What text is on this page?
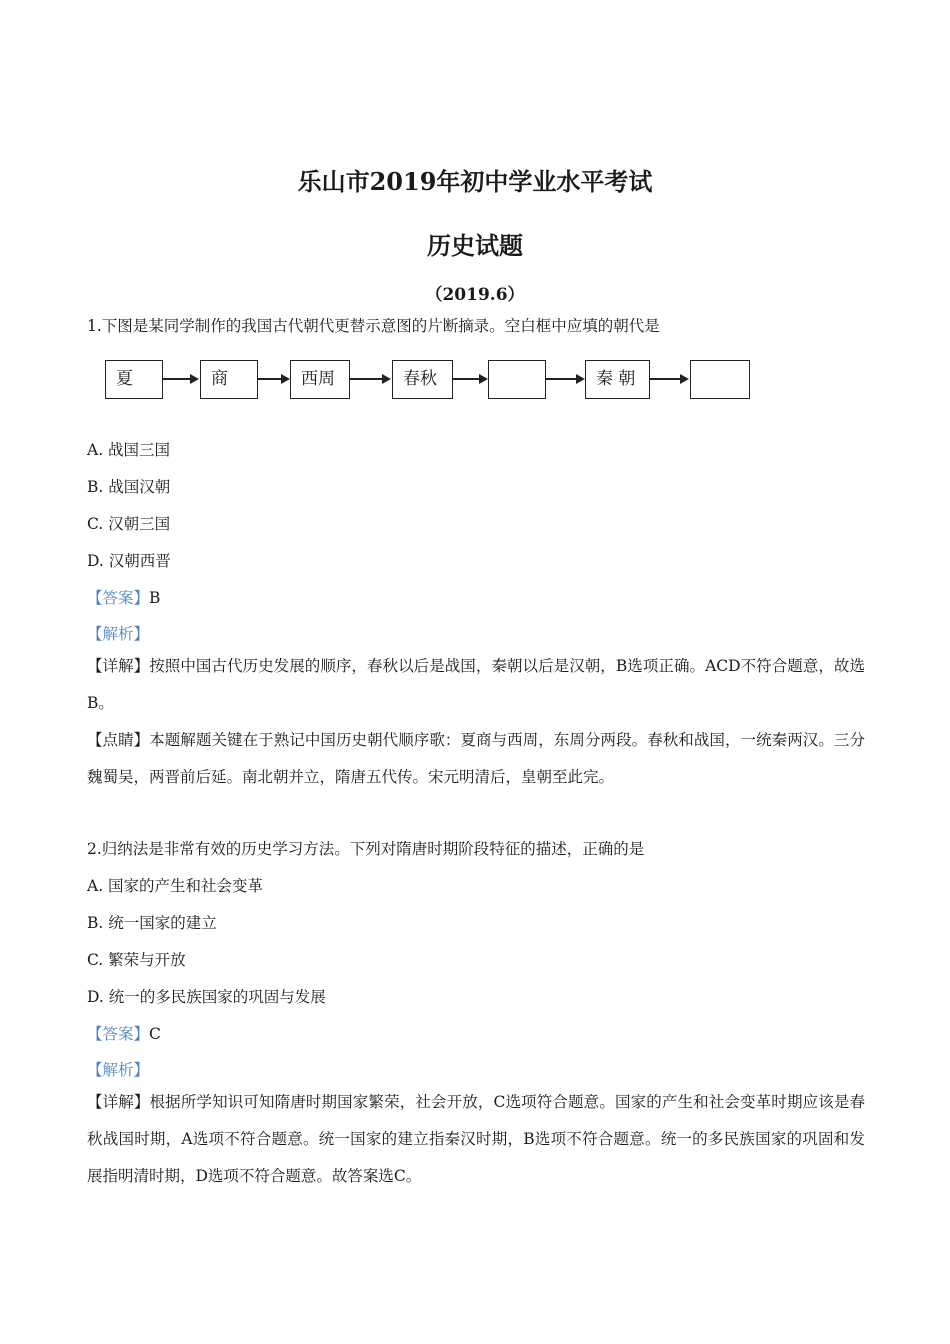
乐山市2019年初中学业水平考试
历史试题
（2019.6）
1.下图是某同学制作的我国古代朝代更替示意图的片断摘录。空白框中应填的朝代是
夏	商	西周	春秋	秦 朝
A. 战国三国
B. 战国汉朝
C. 汉朝三国
D. 汉朝西晋
【答案】B
【解析】
【详解】按照中国古代历史发展的顺序，春秋以后是战国，秦朝以后是汉朝，B选项正确。ACD不符合题意，故选B。
【点睛】本题解题关键在于熟记中国历史朝代顺序歌：夏商与西周，东周分两段。春秋和战国，一统秦两汉。三分魏蜀吴，两晋前后延。南北朝并立，隋唐五代传。宋元明清后，皇朝至此完。
2.归纳法是非常有效的历史学习方法。下列对隋唐时期阶段特征的描述，正确的是
A. 国家的产生和社会变革
B. 统一国家的建立
C. 繁荣与开放
D. 统一的多民族国家的巩固与发展
【答案】C
【解析】
【详解】根据所学知识可知隋唐时期国家繁荣，社会开放，C选项符合题意。国家的产生和社会变革时期应该是春秋战国时期，A选项不符合题意。统一国家的建立指秦汉时期，B选项不符合题意。统一的多民族国家的巩固和发展指明清时期，D选项不符合题意。故答案选C。
